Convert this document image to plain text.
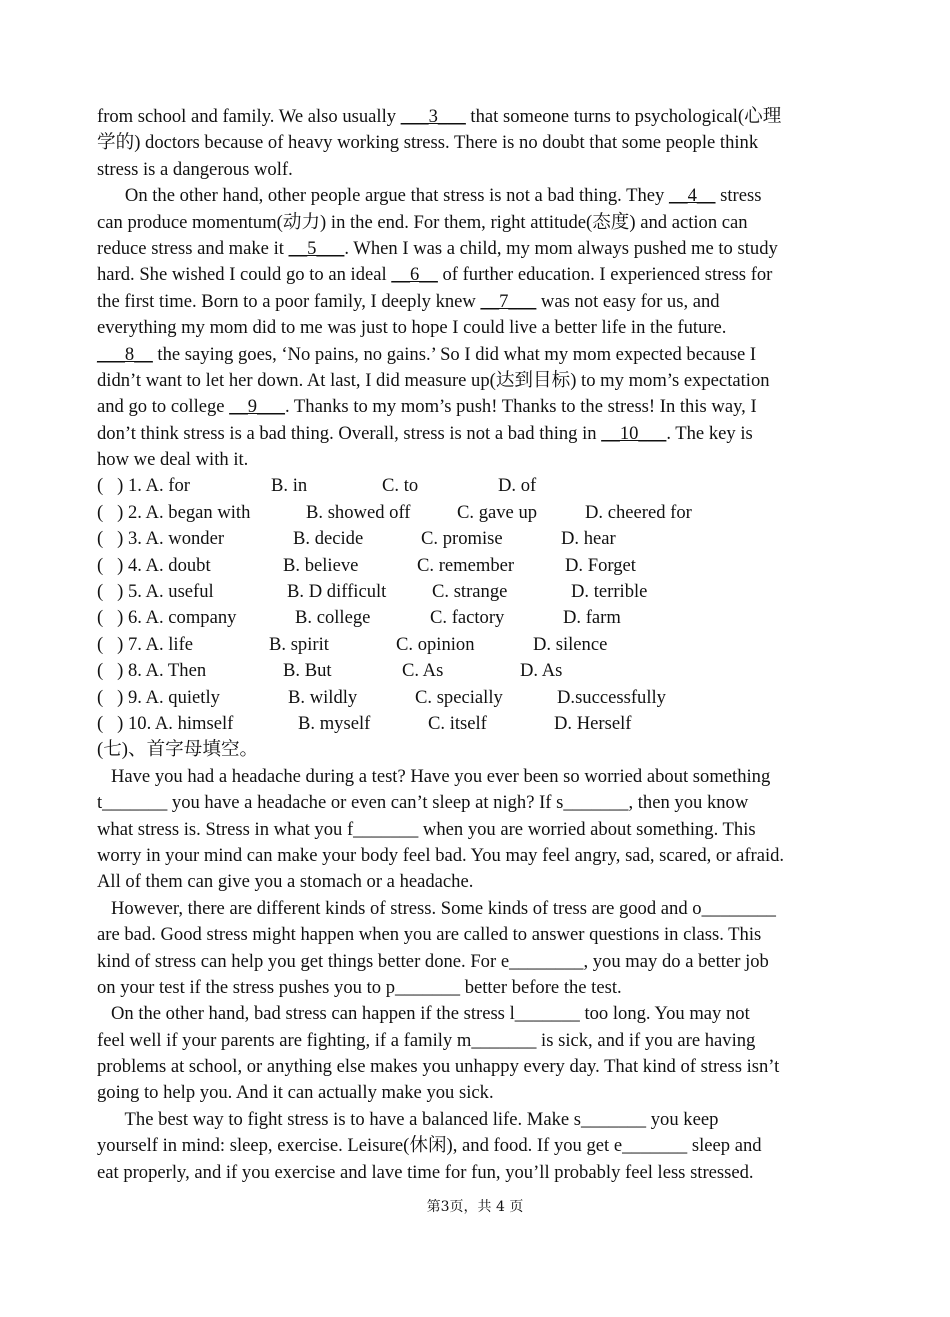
from school and family. We also usually ___3___ that someone turns to psychological(心理
学的) doctors because of heavy working stress. There is no doubt that some people think
stress is a dangerous wolf.
On the other hand, other people argue that stress is not a bad thing. They __4__ stress
can produce momentum(动力) in the end. For them, right attitude(态度) and action can
reduce stress and make it __5___. When I was a child, my mom always pushed me to study
hard. She wished I could go to an ideal __6__ of further education. I experienced stress for
the first time. Born to a poor family, I deeply knew __7___ was not easy for us, and
everything my mom did to me was just to hope I could live a better life in the future.
___8__ the saying goes, ‘No pains, no gains.’ So I did what my mom expected because I
didn’t want to let her down. At last, I did measure up(达到目标) to my mom’s expectation
and go to college __9___. Thanks to my mom’s push! Thanks to the stress! In this way, I
don’t think stress is a bad thing. Overall, stress is not a bad thing in __10___. The key is
how we deal with it.
(   ) 1. A. for	B. in	C. to	D. of
(   ) 2. A. began with	B. showed off	C. gave up	D. cheered for
(   ) 3. A. wonder	B. decide	C. promise	D. hear
(   ) 4. A. doubt	B. believe	C. remember	D. Forget
(   ) 5. A. useful	B. D difficult C. strange	D. terrible
(   ) 6. A. company	B. college	C. factory	D. farm
(   ) 7. A. life	B. spirit	C. opinion	D. silence
(   ) 8. A. Then	B. But	C. As	D. As
(   ) 9. A. quietly	B. wildly	C. specially	D.successfully
(   ) 10. A. himself	B. myself	C. itself	D. Herself
(七)、首字母填空。
Have you had a headache during a test? Have you ever been so worried about something
t_______ you have a headache or even can’t sleep at nigh? If s_______, then you know
what stress is. Stress in what you f_______ when you are worried about something. This
worry in your mind can make your body feel bad. You may feel angry, sad, scared, or afraid.
All of them can give you a stomach or a headache.
However, there are different kinds of stress. Some kinds of tress are good and o________
are bad. Good stress might happen when you are called to answer questions in class. This
kind of stress can help you get things better done. For e________, you may do a better job
on your test if the stress pushes you to p_______ better before the test.
On the other hand, bad stress can happen if the stress l_______ too long. You may not
feel well if your parents are fighting, if a family m_______ is sick, and if you are having
problems at school, or anything else makes you unhappy every day. That kind of stress isn’t
going to help you. And it can actually make you sick.
The best way to fight stress is to have a balanced life. Make s_______ you keep
yourself in mind: sleep, exercise. Leisure(休闲), and food. If you get e_______ sleep and
eat properly, and if you exercise and lave time for fun, you’ll probably feel less stressed.
第3页，共 4 页
